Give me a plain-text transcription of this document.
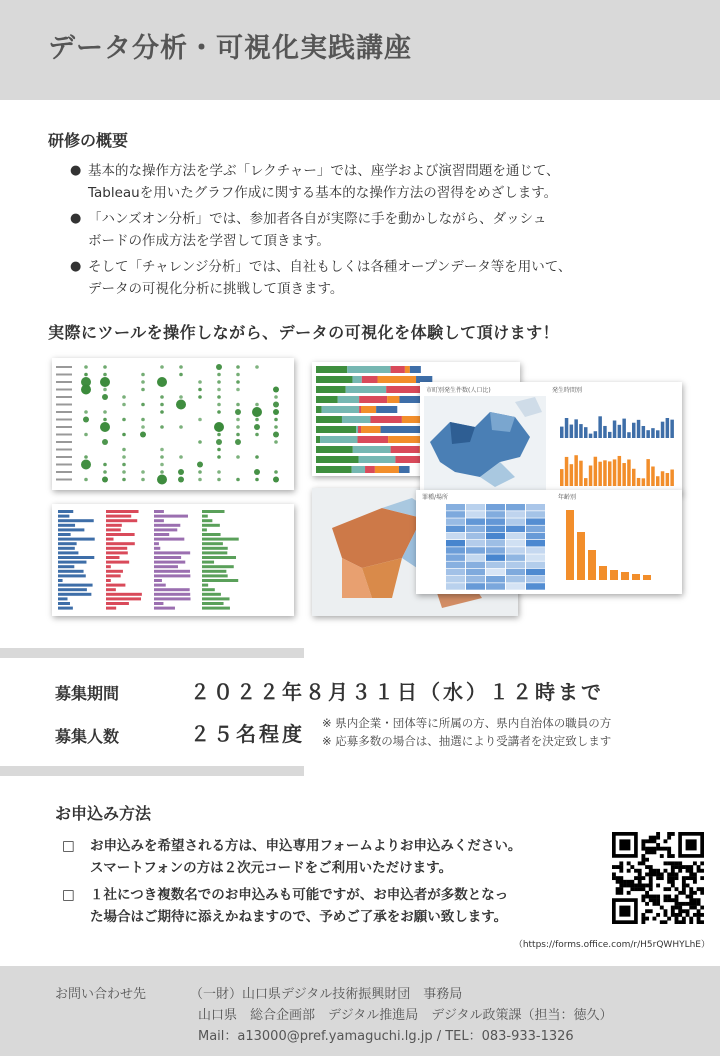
データ分析・可視化実践講座
研修の概要
● 基本的な操作方法を学ぶ「レクチャー」では、座学および演習問題を通じて、
Tableauを用いたグラフ作成に関する基本的な操作方法の習得をめざします。
● 「ハンズオン分析」では、参加者各自が実際に手を動かしながら、ダッシュ
ボードの作成方法を学習して頂きます。
● そして「チャレンジ分析」では、自社もしくは各種オープンデータ等を用いて、
データの可視化分析に挑戦して頂きます。
実際にツールを操作しながら、データの可視化を体験して頂けます！
市町別発生件数(人口比)	発生時間別
罪種/場所	年齢別
募集期間	２０２２年８月３１日（水）１２時まで
募集人数	２５名程度 ※ 県内企業・団体等に所属の方、県内自治体の職員の方
※ 応募多数の場合は、抽選により受講者を決定致します
お申込み方法
□ お申込みを希望される方は、申込専用フォームよりお申込みください。
スマートフォンの方は２次元コードをご利用いただけます。
□ １社につき複数名でのお申込みも可能ですが、お申込者が多数となっ
た場合はご期待に添えかねますので、予めご了承をお願い致します。
（https://forms.office.com/r/H5rQWHYLhE）
お問い合わせ先	（一財）山口県デジタル技術振興財団　事務局
山口県　総合企画部　デジタル推進局　デジタル政策課（担当：徳久）
Mail：a13000@pref.yamaguchi.lg.jp / TEL：083-933-1326
